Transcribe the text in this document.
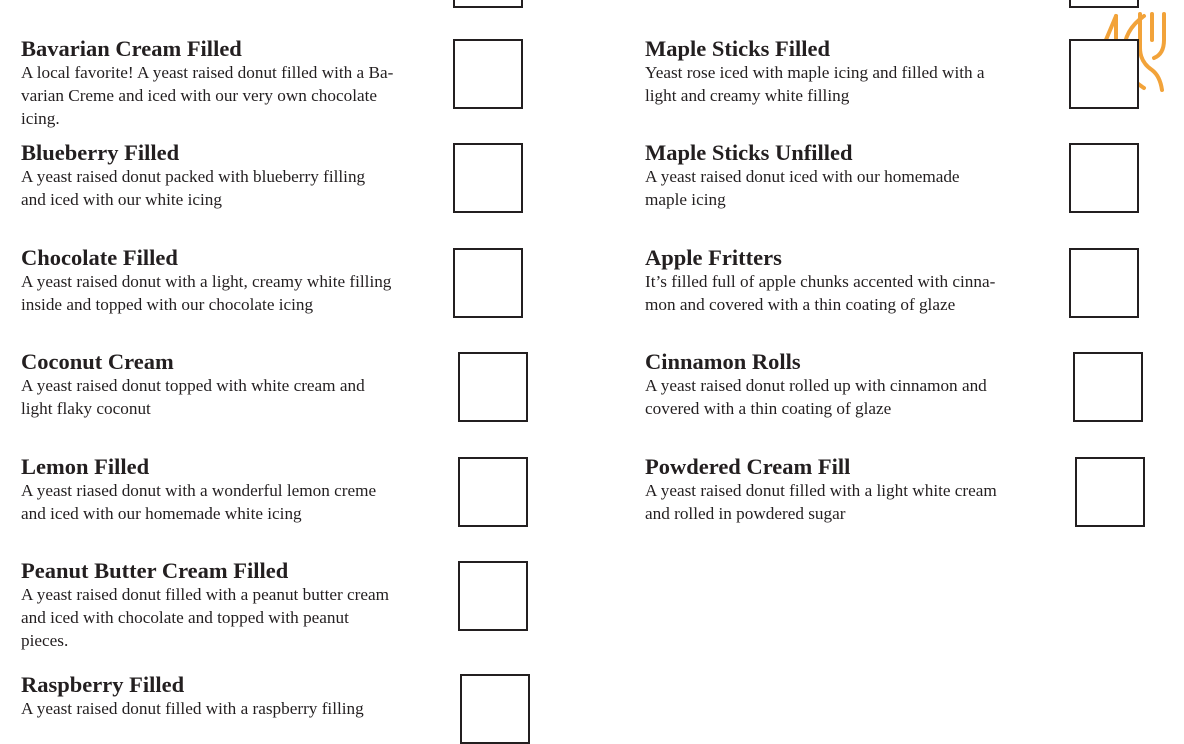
Bavarian Cream Filled

A local favorite! A yeast raised donut filled with a Ba-
varian Creme and iced with our very own chocolate
icing.

Blueberry Filled

A yeast raised donut packed with blueberry filling
and iced with our white icing

Chocolate Filled

A yeast raised donut with a light, creamy white filling
inside and topped with our chocolate icing

Coconut Cream

A yeast raised donut topped with white cream and
light flaky coconut

Lemon Filled

A yeast riased donut with a wonderful lemon creme
and iced with our homemade white icing

Peanut Butter Cream Filled

A yeast raised donut filled with a peanut butter cream
and iced with chocolate and topped with peanut
pieces.

Raspberry Filled

A yeast raised donut filled with a raspberry filling

Maple Sticks Filled

Yeast rose iced with maple icing and filled with a
light and creamy white filling

Maple Sticks Unfilled

A yeast raised donut iced with our homemade
maple icing

Apple Fritters

It’s filled full of apple chunks accented with cinna-
mon and covered with a thin coating of glaze

Cinnamon Rolls

A yeast raised donut rolled up with cinnamon and
covered with a thin coating of glaze

Powdered Cream Fill

A yeast raised donut filled with a light white cream
and rolled in powdered sugar
